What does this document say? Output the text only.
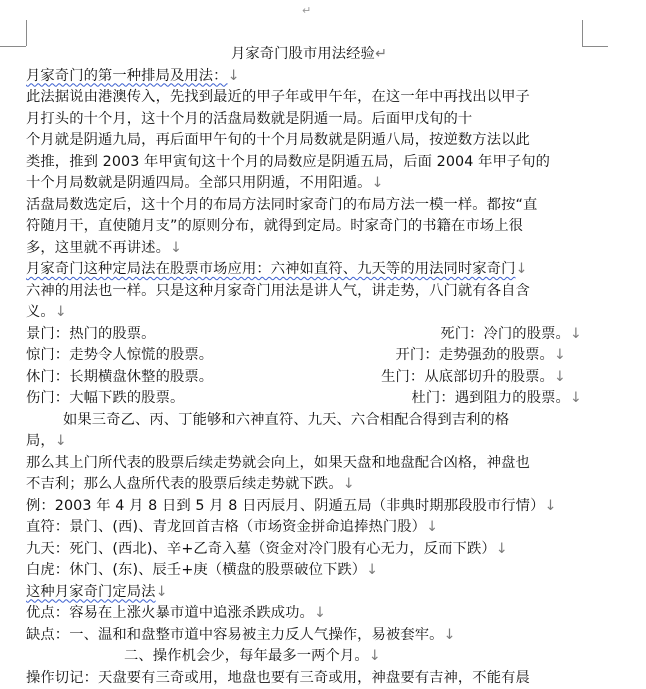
↵
月家奇门股市用法经验↵
月家奇门的第一种排局及用法：↓
此法据说由港澳传入，先找到最近的甲子年或甲午年，在这一年中再找出以甲子
月打头的十个月，这十个月的活盘局数就是阴遁一局。后面甲戊旬的十
个月就是阴遁九局，再后面甲午旬的十个月局数就是阴遁八局，按逆数方法以此
类推，推到 2003 年甲寅旬这十个月的局数应是阴遁五局，后面 2004 年甲子旬的
十个月局数就是阴遁四局。全部只用阴遁，不用阳遁。↓
活盘局数选定后，这十个月的布局方法同时家奇门的布局方法一模一样。都按“直
符随月干，直使随月支”的原则分布，就得到定局。时家奇门的书籍在市场上很
多，这里就不再讲述。↓
月家奇门这种定局法在股票市场应用：六神如直符、九天等的用法同时家奇门↓
六神的用法也一样。只是这种月家奇门用法是讲人气，讲走势，八门就有各自含
义。↓
景门：热门的股票。	死门：冷门的股票。↓
惊门：走势令人惊慌的股票。	开门：走势强劲的股票。↓
休门：长期横盘休整的股票。	生门：从底部切升的股票。↓
伤门：大幅下跌的股票。	杜门：遇到阻力的股票。↓
如果三奇乙、丙、丁能够和六神直符、九天、六合相配合得到吉利的格
局，↓
那么其上门所代表的股票后续走势就会向上，如果天盘和地盘配合凶格，神盘也
不吉利；那么人盘所代表的股票后续走势就下跌。↓
例：2003 年 4 月 8 日到 5 月 8 日丙辰月、阴遁五局（非典时期那段股市行情）↓
直符：景门、(西)、青龙回首吉格（市场资金拼命追捧热门股）↓
九天：死门、(西北)、辛+乙奇入墓（资金对冷门股有心无力，反而下跌）↓
白虎：休门、(东)、辰壬+庚（横盘的股票破位下跌）↓
这种月家奇门定局法↓
优点：容易在上涨火暴市道中追涨杀跌成功。↓
缺点：一、温和和盘整市道中容易被主力反人气操作，易被套牢。↓
二、操作机会少，每年最多一两个月。↓
操作切记：天盘要有三奇或用，地盘也要有三奇或用，神盘要有吉神，不能有晨
